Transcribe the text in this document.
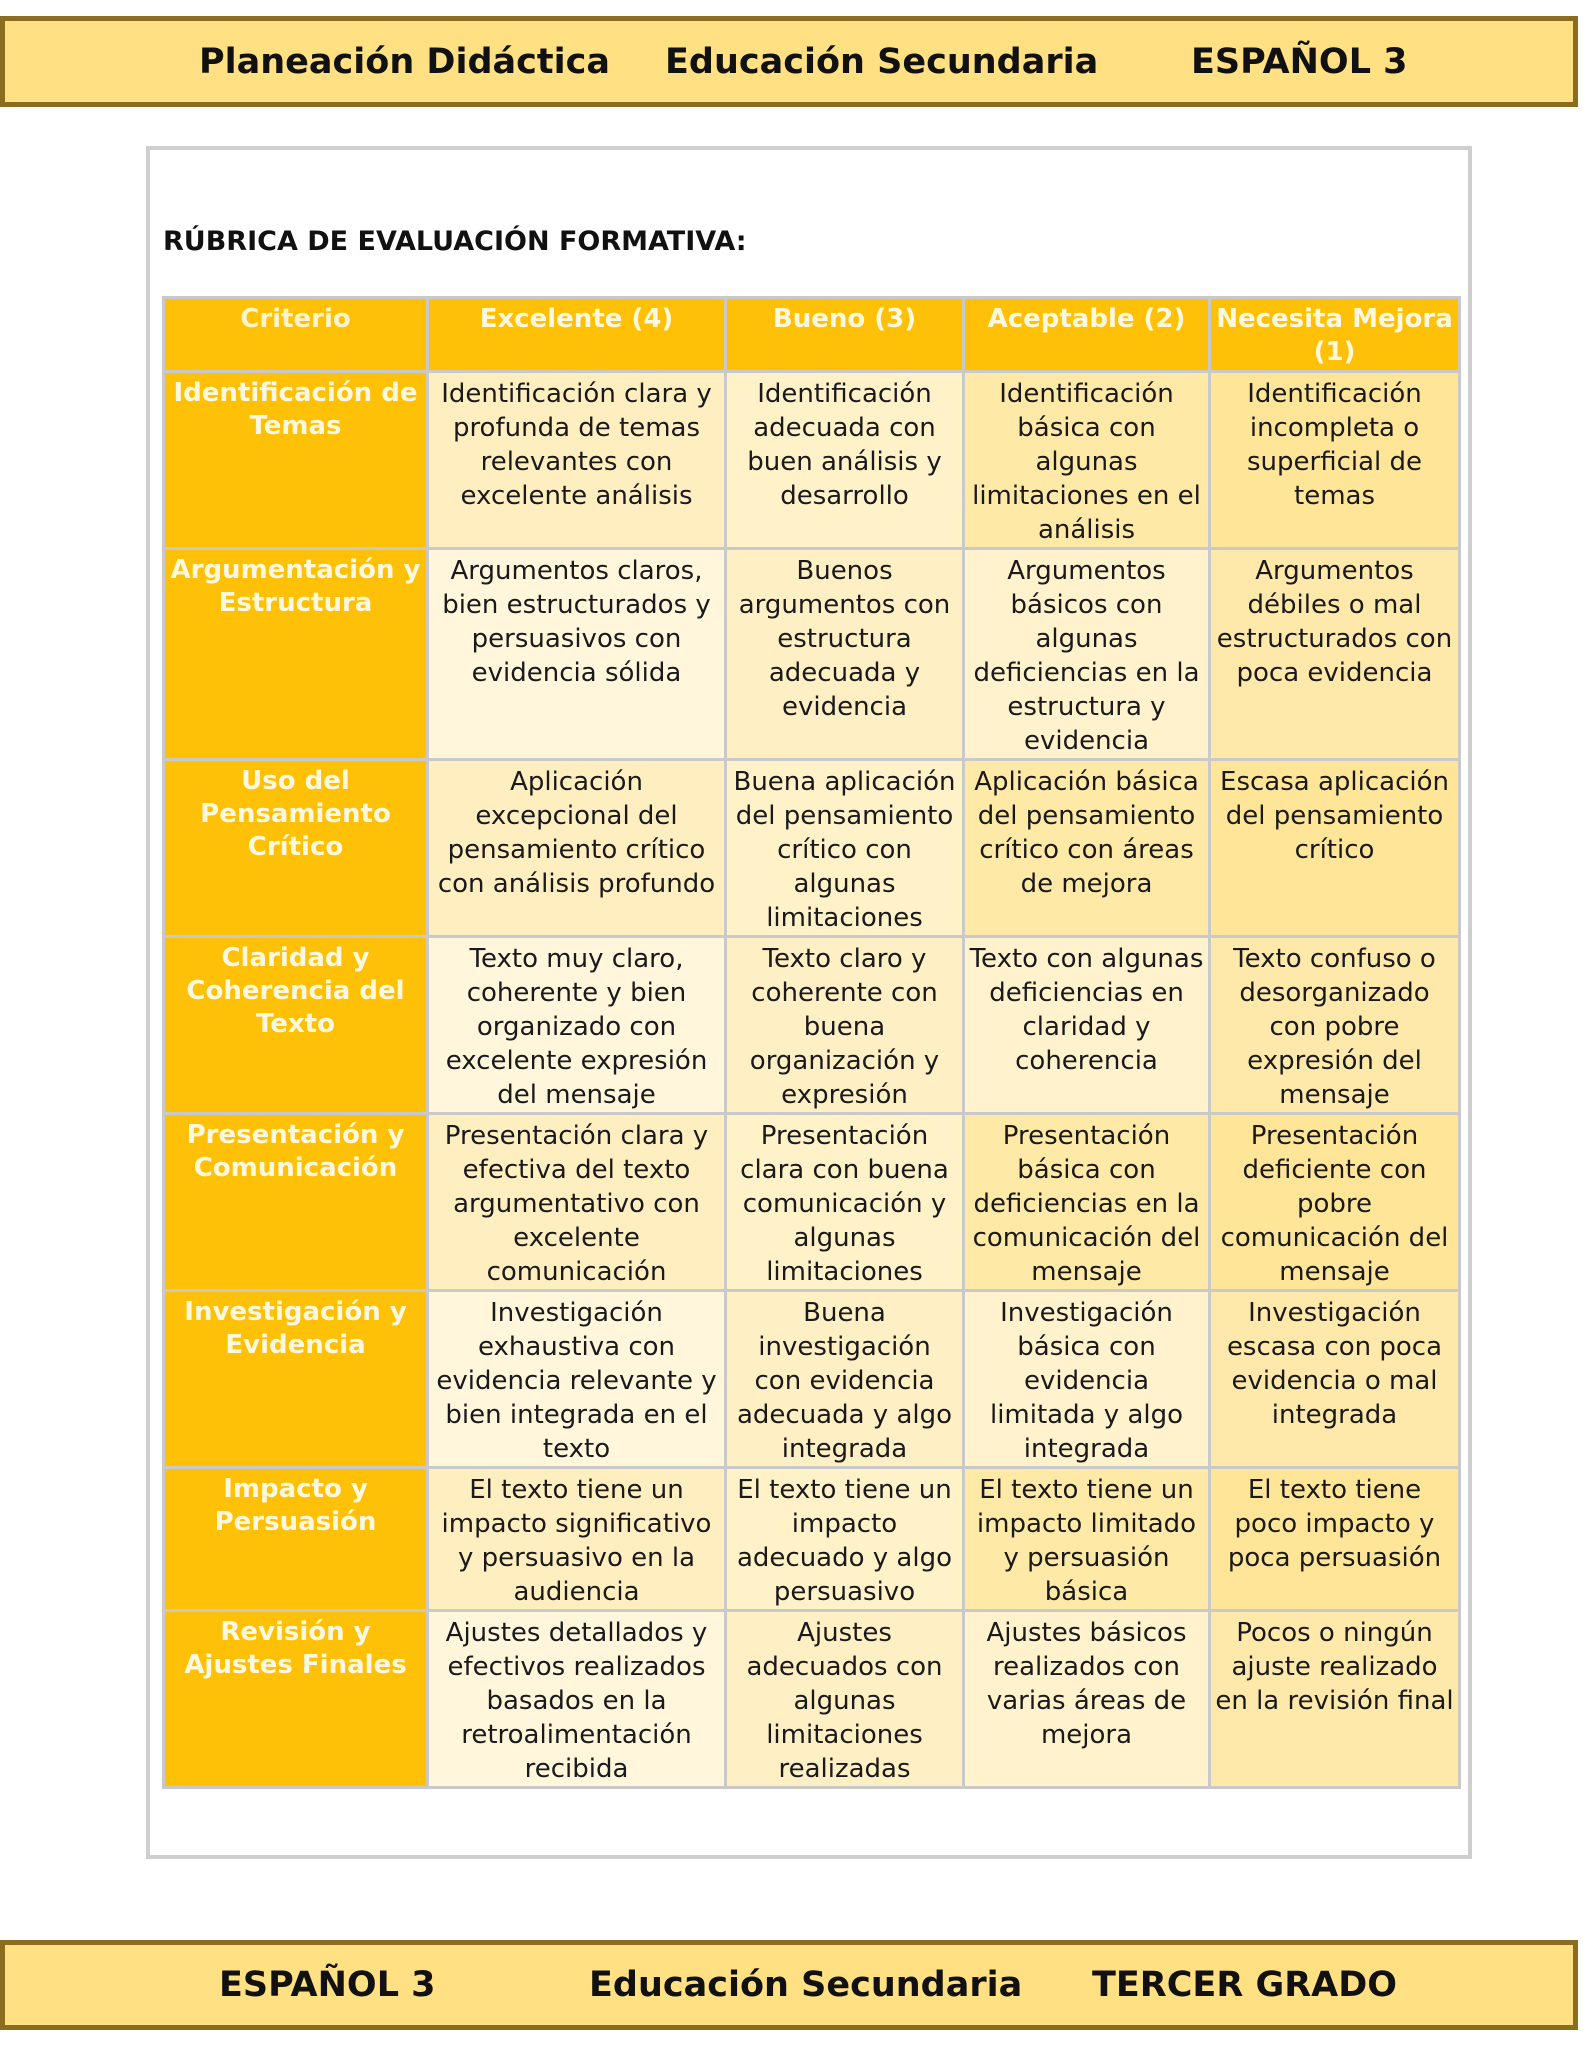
Planeación Didáctica Educación Secundaria	ESPAÑOL 3
RÚBRICA DE EVALUACIÓN FORMATIVA:
Criterio	Excelente (4)	Bueno (3)	Aceptable (2)	Necesita Mejora (1)
Identificación de Temas	Identificación clara y profunda de temas relevantes con excelente análisis	Identificación adecuada con buen análisis y desarrollo	Identificación básica con algunas limitaciones en el análisis	Identificación incompleta o superficial de temas
Argumentación y Estructura	Argumentos claros, bien estructurados y persuasivos con evidencia sólida	Buenos argumentos con estructura adecuada y evidencia	Argumentos básicos con algunas deficiencias en la estructura y evidencia	Argumentos débiles o mal estructurados con poca evidencia
Uso del Pensamiento Crítico	Aplicación excepcional del pensamiento crítico con análisis profundo	Buena aplicación del pensamiento crítico con algunas limitaciones	Aplicación básica del pensamiento crítico con áreas de mejora	Escasa aplicación del pensamiento crítico
Claridad y Coherencia del Texto	Texto muy claro, coherente y bien organizado con excelente expresión del mensaje	Texto claro y coherente con buena organización y expresión	Texto con algunas deficiencias en claridad y coherencia	Texto confuso o desorganizado con pobre expresión del mensaje
Presentación y Comunicación	Presentación clara y efectiva del texto argumentativo con excelente comunicación	Presentación clara con buena comunicación y algunas limitaciones	Presentación básica con deficiencias en la comunicación del mensaje	Presentación deficiente con pobre comunicación del mensaje
Investigación y Evidencia	Investigación exhaustiva con evidencia relevante y bien integrada en el texto	Buena investigación con evidencia adecuada y algo integrada	Investigación básica con evidencia limitada y algo integrada	Investigación escasa con poca evidencia o mal integrada
Impacto y Persuasión	El texto tiene un impacto significativo y persuasivo en la audiencia	El texto tiene un impacto adecuado y algo persuasivo	El texto tiene un impacto limitado y persuasión básica	El texto tiene poco impacto y poca persuasión
Revisión y Ajustes Finales	Ajustes detallados y efectivos realizados basados en la retroalimentación recibida	Ajustes adecuados con algunas limitaciones realizadas	Ajustes básicos realizados con varias áreas de mejora	Pocos o ningún ajuste realizado en la revisión final
ESPAÑOL 3	Educación Secundaria TERCER GRADO
